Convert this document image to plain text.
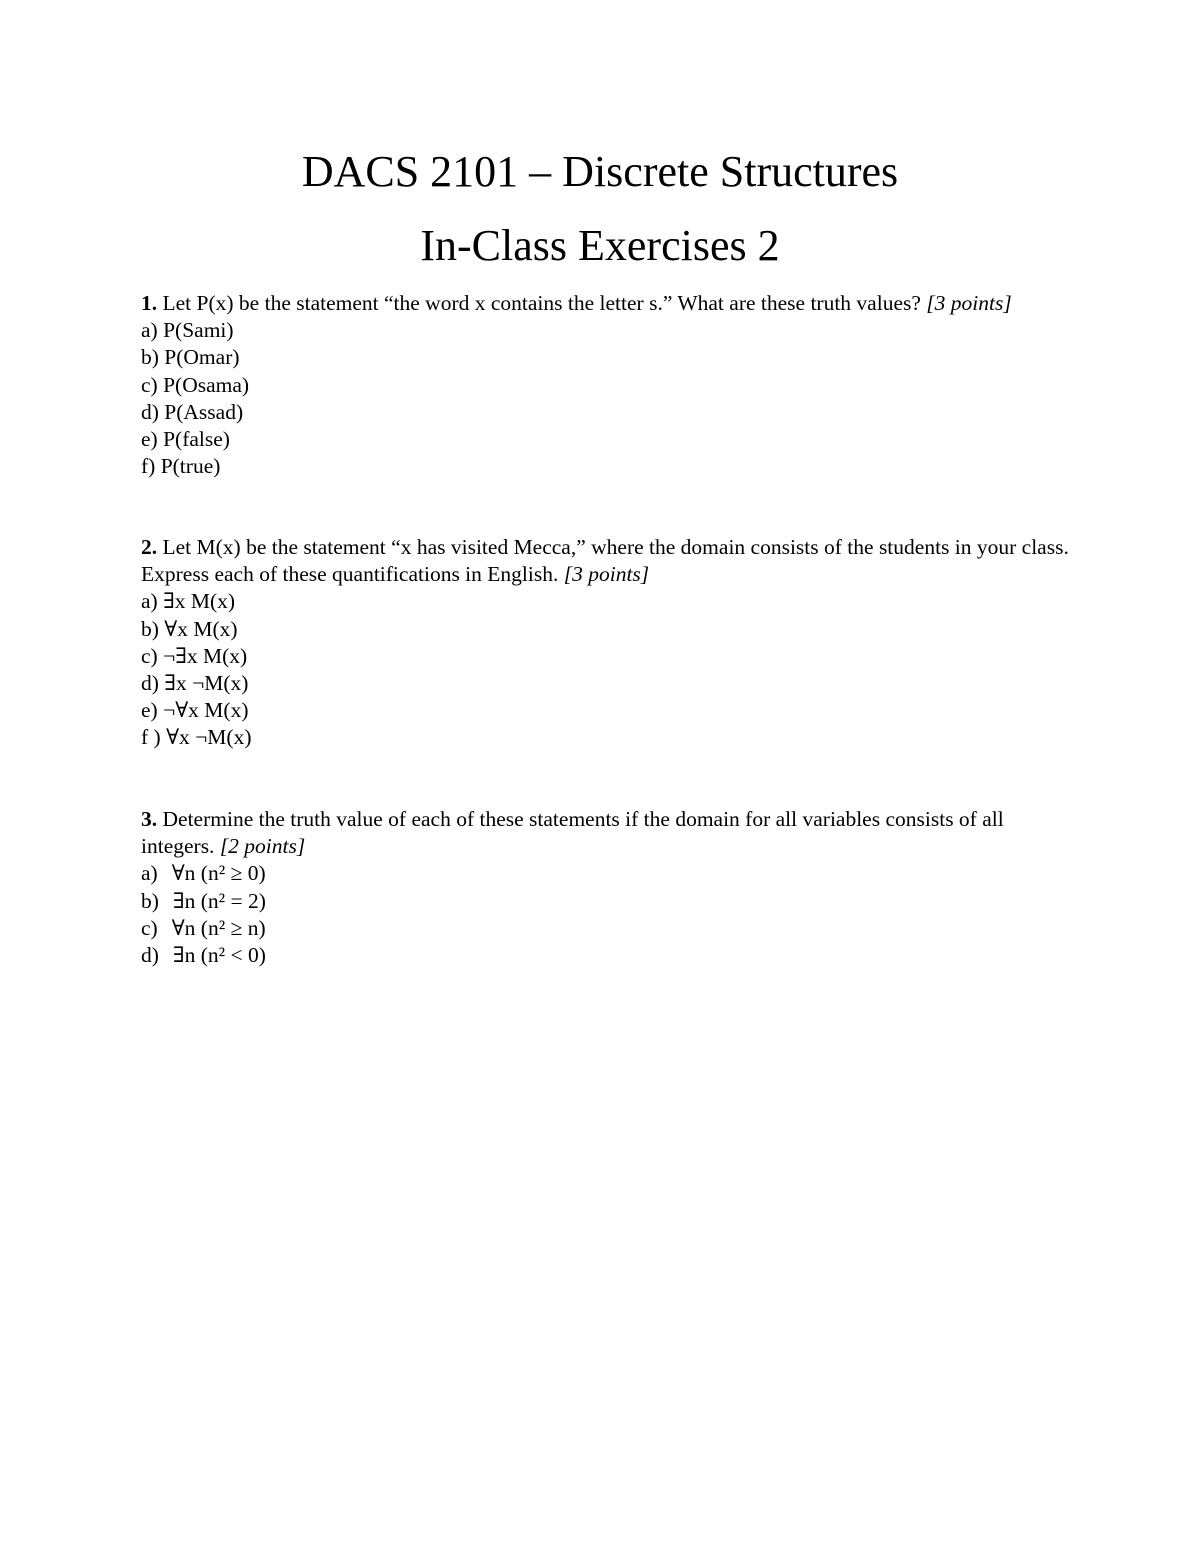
DACS 2101 – Discrete Structures
In-Class Exercises 2
1. Let P(x) be the statement “the word x contains the letter s.” What are these truth values? [3 points]
a) P(Sami)
b) P(Omar)
c) P(Osama)
d) P(Assad)
e) P(false)
f) P(true)
2. Let M(x) be the statement “x has visited Mecca,” where the domain consists of the students in your class.
Express each of these quantifications in English. [3 points]
a) ∃x M(x)
b) ∀x M(x)
c) ¬∃x M(x)
d) ∃x ¬M(x)
e) ¬∀x M(x)
f ) ∀x ¬M(x)
3. Determine the truth value of each of these statements if the domain for all variables consists of all integers. [2 points]
a) ∀n (n² ≥ 0)
b) ∃n (n² = 2)
c) ∀n (n² ≥ n)
d) ∃n (n² < 0)
